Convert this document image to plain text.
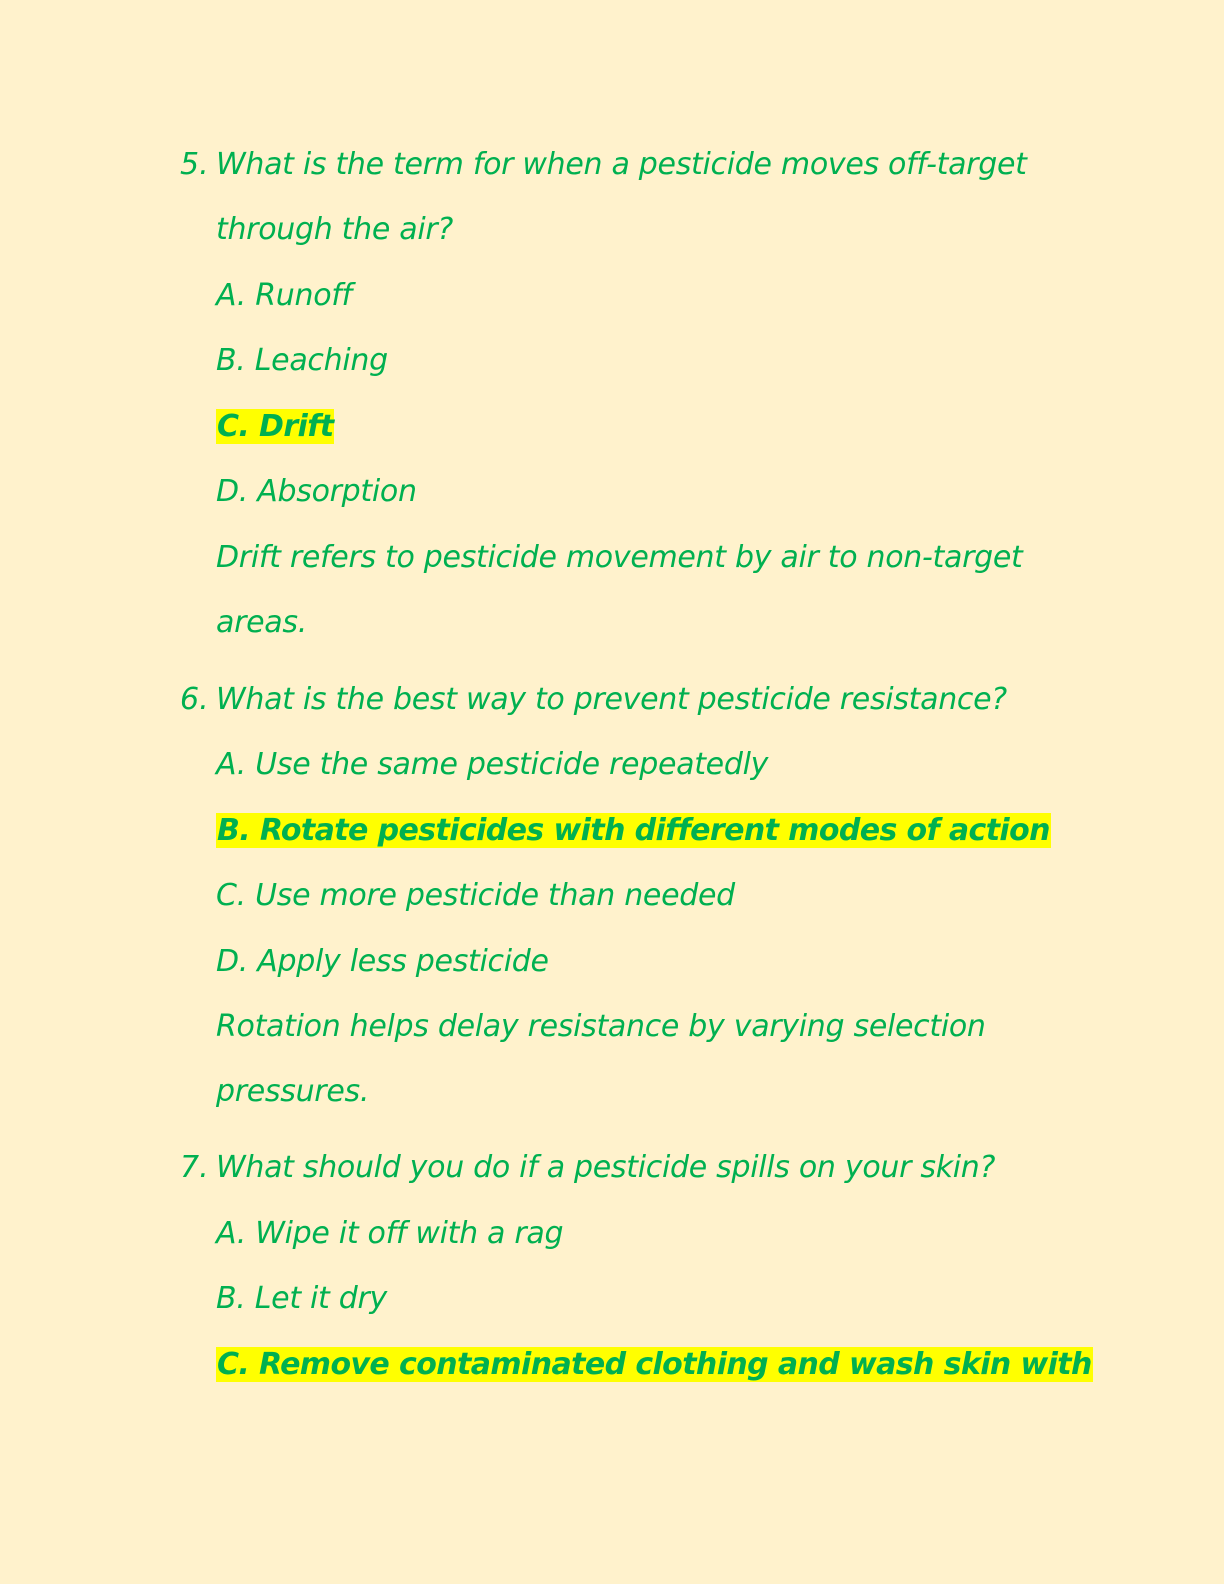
5. What is the term for when a pesticide moves off-target
through the air?
A. Runoff
B. Leaching
C. Drift
D. Absorption
Drift refers to pesticide movement by air to non-target
areas.
6. What is the best way to prevent pesticide resistance?
A. Use the same pesticide repeatedly
B. Rotate pesticides with different modes of action
C. Use more pesticide than needed
D. Apply less pesticide
Rotation helps delay resistance by varying selection
pressures.
7. What should you do if a pesticide spills on your skin?
A. Wipe it off with a rag
B. Let it dry
C. Remove contaminated clothing and wash skin with
